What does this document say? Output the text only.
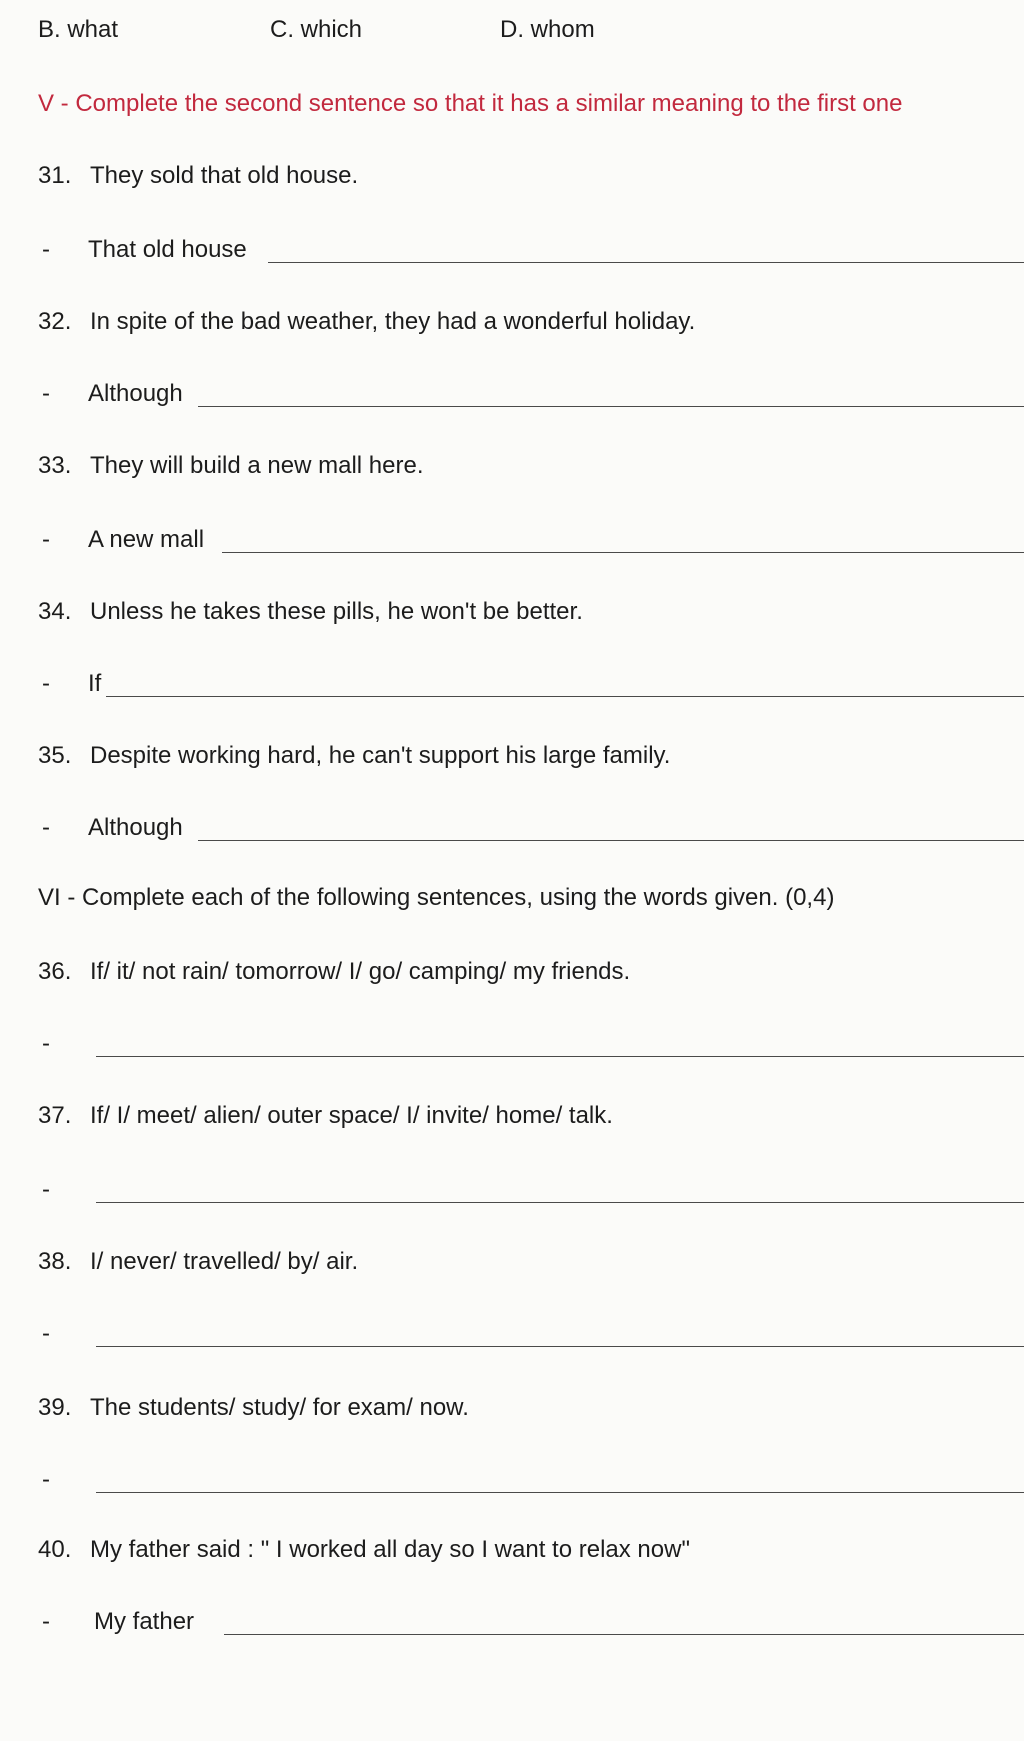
B. what	C. which	D. whom
V - Complete the second sentence so that it has a similar meaning to the first one
31. They sold that old house.
- That old house
32. In spite of the bad weather, they had a wonderful holiday.
- Although
33. They will build a new mall here.
- A new mall
34. Unless he takes these pills, he won't be better.
- If
35. Despite working hard, he can't support his large family.
- Although
VI - Complete each of the following sentences, using the words given. (0,4)
36. If/ it/ not rain/ tomorrow/ I/ go/ camping/ my friends.
-
37. If/ I/ meet/ alien/ outer space/ I/ invite/ home/ talk.
-
38. I/ never/ travelled/ by/ air.
-
39. The students/ study/ for exam/ now.
-
40. My father said : " I worked all day so I want to relax now"
- My father
